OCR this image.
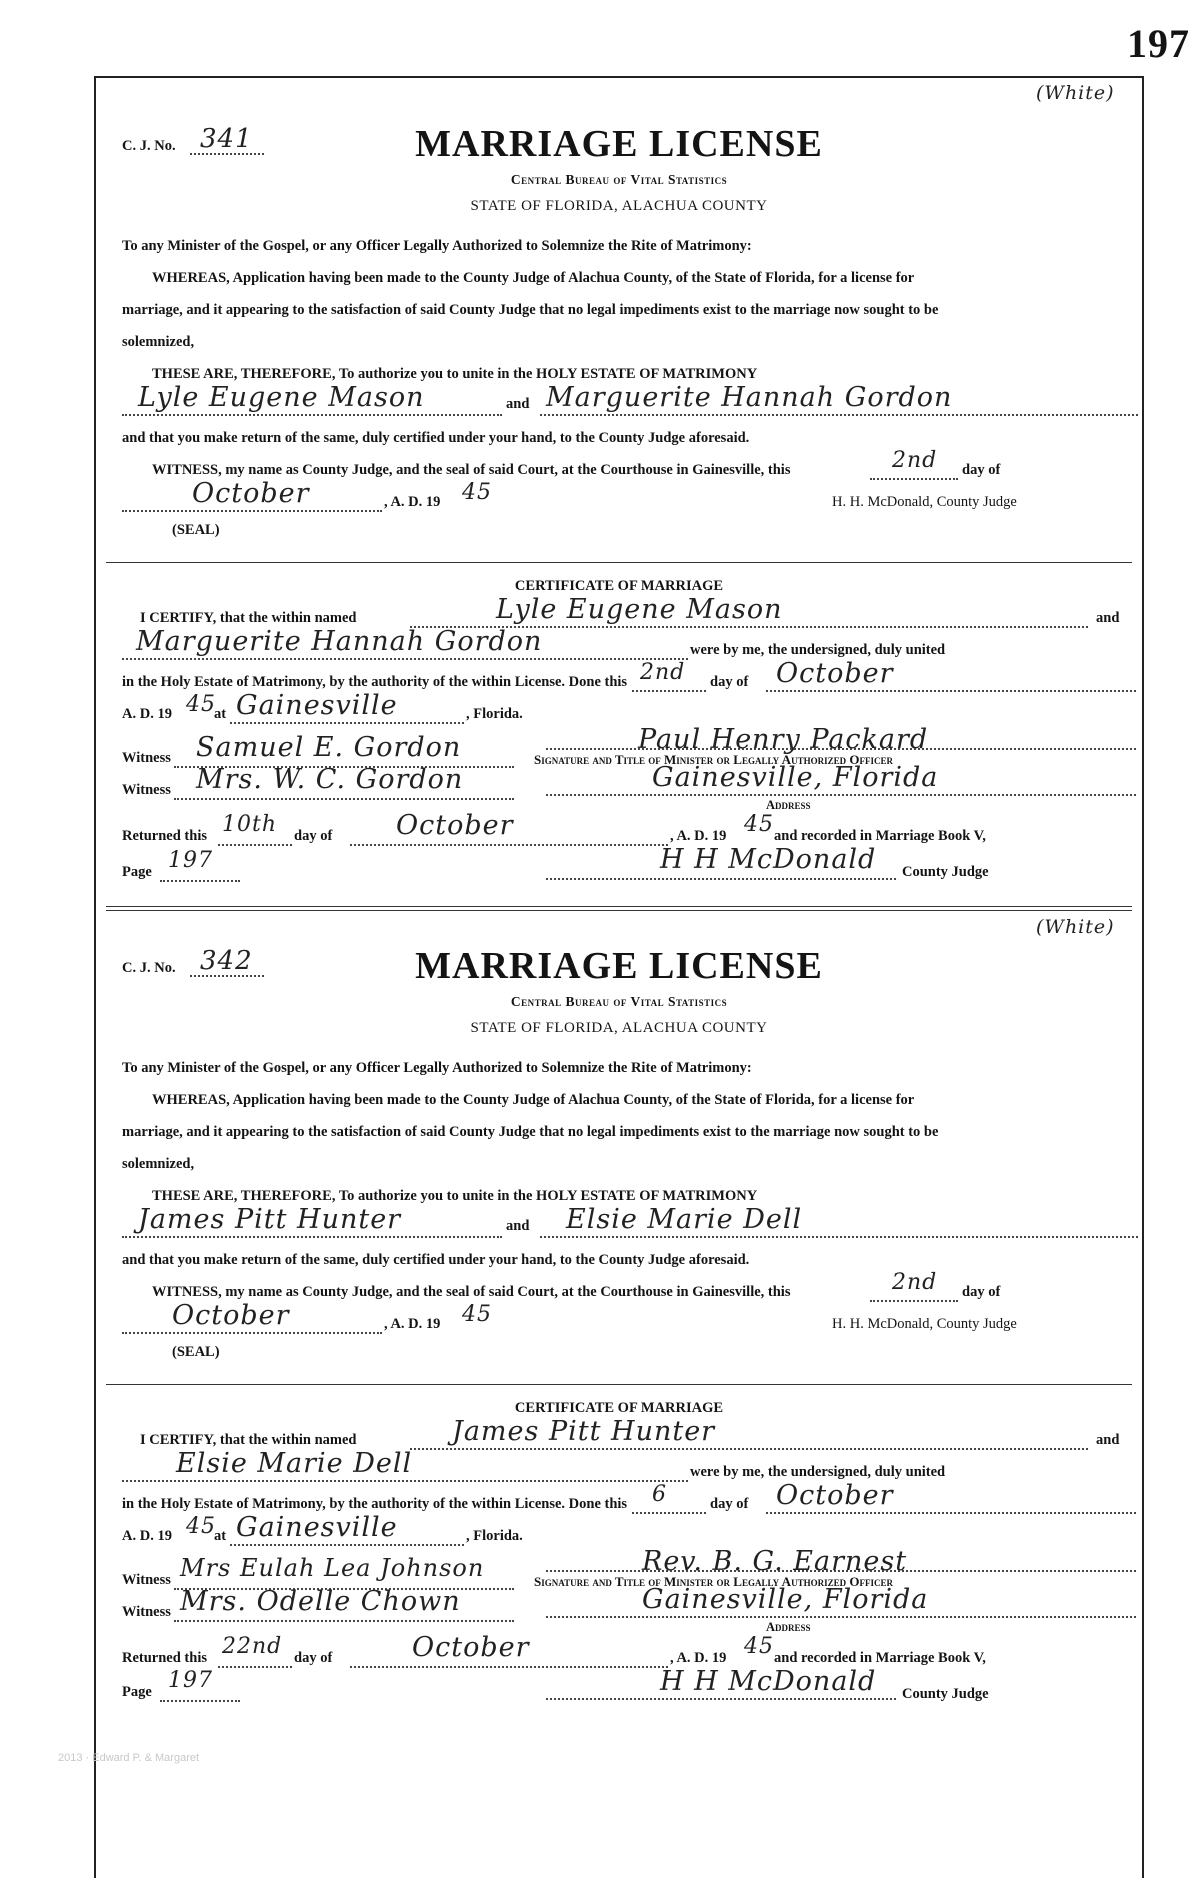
197
(White)
C. J. No. 341	MARRIAGE LICENSE
Central Bureau of Vital Statistics
STATE OF FLORIDA, ALACHUA COUNTY
To any Minister of the Gospel, or any Officer Legally Authorized to Solemnize the Rite of Matrimony:
WHEREAS, Application having been made to the County Judge of Alachua County, of the State of Florida, for a license for
marriage, and it appearing to the satisfaction of said County Judge that no legal impediments exist to the marriage now sought to be
solemnized,
THESE ARE, THEREFORE, To authorize you to unite in the HOLY ESTATE OF MATRIMONY
Lyle Eugene Mason	and Marguerite Hannah Gordon
and that you make return of the same, duly certified under your hand, to the County Judge aforesaid.
WITNESS, my name as County Judge, and the seal of said Court, at the Courthouse in Gainesville, this	2nd day of
October	, A. D. 19 45	H. H. McDonald, County Judge
(SEAL)
CERTIFICATE OF MARRIAGE
I CERTIFY, that the within named	Lyle Eugene Mason	and
Marguerite Hannah Gordon	were by me, the undersigned, duly united
in the Holy Estate of Matrimony, by the authority of the within License. Done this 2nd day of October
A. D. 19 45
at Gainesville	, Florida.
Paul Henry Packard
Witness Samuel E. Gordon	Signature and Title of Minister or Legally Authorized Officer
Witness Mrs. W. C. Gordon	Gainesville, Florida
Address
Returned this 10th day of October	, A. D. 19 45 and recorded in Marriage Book V,
Page 197	H H McDonald County Judge
(White)
C. J. No. 342	MARRIAGE LICENSE
Central Bureau of Vital Statistics
STATE OF FLORIDA, ALACHUA COUNTY
To any Minister of the Gospel, or any Officer Legally Authorized to Solemnize the Rite of Matrimony:
WHEREAS, Application having been made to the County Judge of Alachua County, of the State of Florida, for a license for
marriage, and it appearing to the satisfaction of said County Judge that no legal impediments exist to the marriage now sought to be
solemnized,
THESE ARE, THEREFORE, To authorize you to unite in the HOLY ESTATE OF MATRIMONY
James Pitt Hunter	and Elsie Marie Dell
and that you make return of the same, duly certified under your hand, to the County Judge aforesaid.
WITNESS, my name as County Judge, and the seal of said Court, at the Courthouse in Gainesville, this	2nd day of
October	, A. D. 19 45	H. H. McDonald, County Judge
(SEAL)
CERTIFICATE OF MARRIAGE
I CERTIFY, that the within named	James Pitt Hunter	and
Elsie Marie Dell	were by me, the undersigned, duly united
in the Holy Estate of Matrimony, by the authority of the within License. Done this 6	day of October
A. D. 19 45
at Gainesville	, Florida.
Rev. B. G. Earnest
Witness Mrs Eulah Lea Johnson	Signature and Title of Minister or Legally Authorized Officer
Witness Mrs. Odelle Chown	Gainesville, Florida
Address
Returned this 22nd day of	October	, A. D. 19 45 and recorded in Marriage Book V,
Page 197	H H McDonald County Judge
2013 · Edward P. & Margaret
